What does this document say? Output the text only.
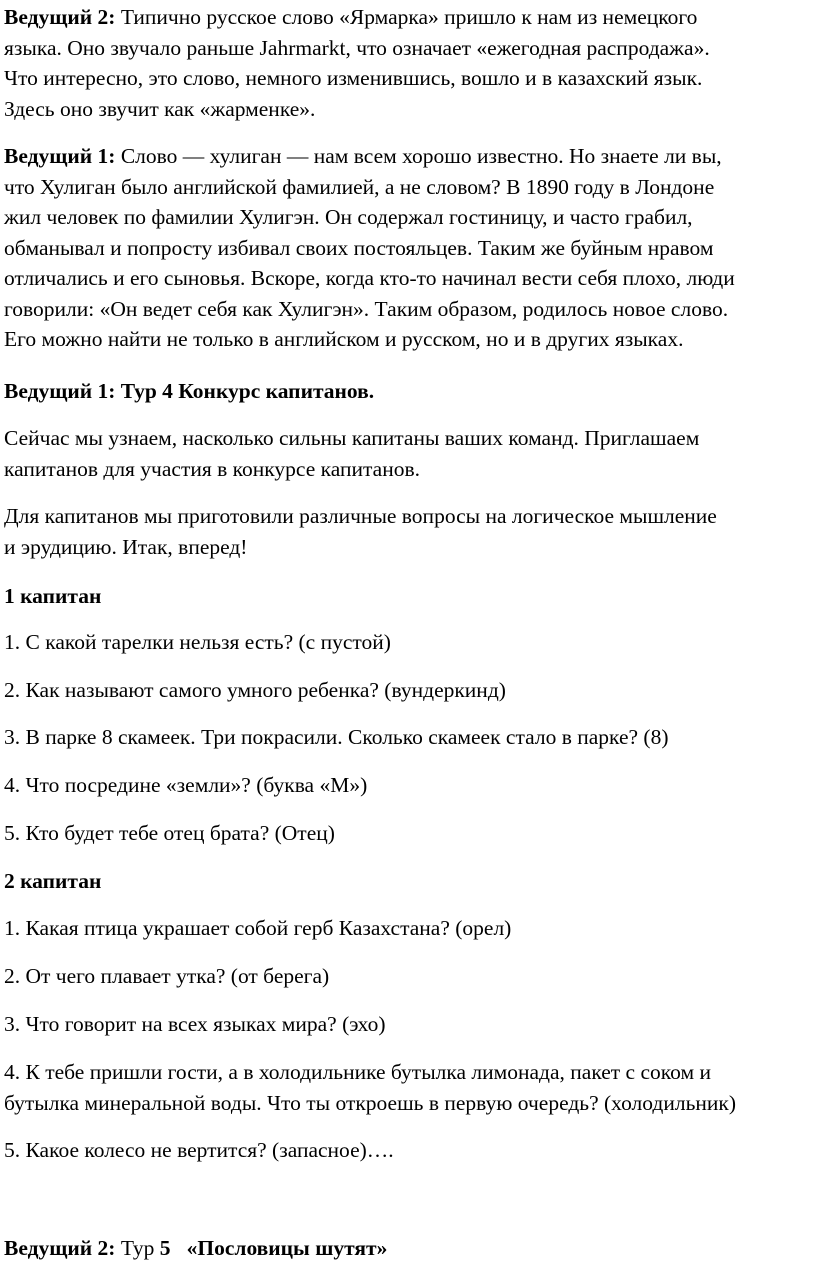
Ведущий 2: Типично русское слово «Ярмарка» пришло к нам из немецкого
языка. Оно звучало раньше Jahrmarkt, что означает «ежегодная распродажа».
Что интересно, это слово, немного изменившись, вошло и в казахский язык.
Здесь оно звучит как «жарменке».
Ведущий 1: Слово — хулиган — нам всем хорошо известно. Но знаете ли вы,
что Хулиган было английской фамилией, а не словом? В 1890 году в Лондоне
жил человек по фамилии Хулигэн. Он содержал гостиницу, и часто грабил,
обманывал и попросту избивал своих постояльцев. Таким же буйным нравом
отличались и его сыновья. Вскоре, когда кто-то начинал вести себя плохо, люди
говорили: «Он ведет себя как Хулигэн». Таким образом, родилось новое слово.
Его можно найти не только в английском и русском, но и в других языках.
Ведущий 1: Тур 4 Конкурс капитанов.
Сейчас мы узнаем, насколько сильны капитаны ваших команд. Приглашаем
капитанов для участия в конкурсе капитанов.
Для капитанов мы приготовили различные вопросы на логическое мышление
и эрудицию. Итак, вперед!
1 капитан
1. С какой тарелки нельзя есть? (с пустой)
2. Как называют самого умного ребенка? (вундеркинд)
3. В парке 8 скамеек. Три покрасили. Сколько скамеек стало в парке? (8)
4. Что посредине «земли»? (буква «М»)
5. Кто будет тебе отец брата? (Отец)
2 капитан
1. Какая птица украшает собой герб Казахстана? (орел)
2. От чего плавает утка? (от берега)
3. Что говорит на всех языках мира? (эхо)
4. К тебе пришли гости, а в холодильнике бутылка лимонада, пакет с соком и
бутылка минеральной воды. Что ты откроешь в первую очередь? (холодильник)
5. Какое колесо не вертится? (запасное)….
Ведущий 2: Тур 5   «Пословицы шутят»
